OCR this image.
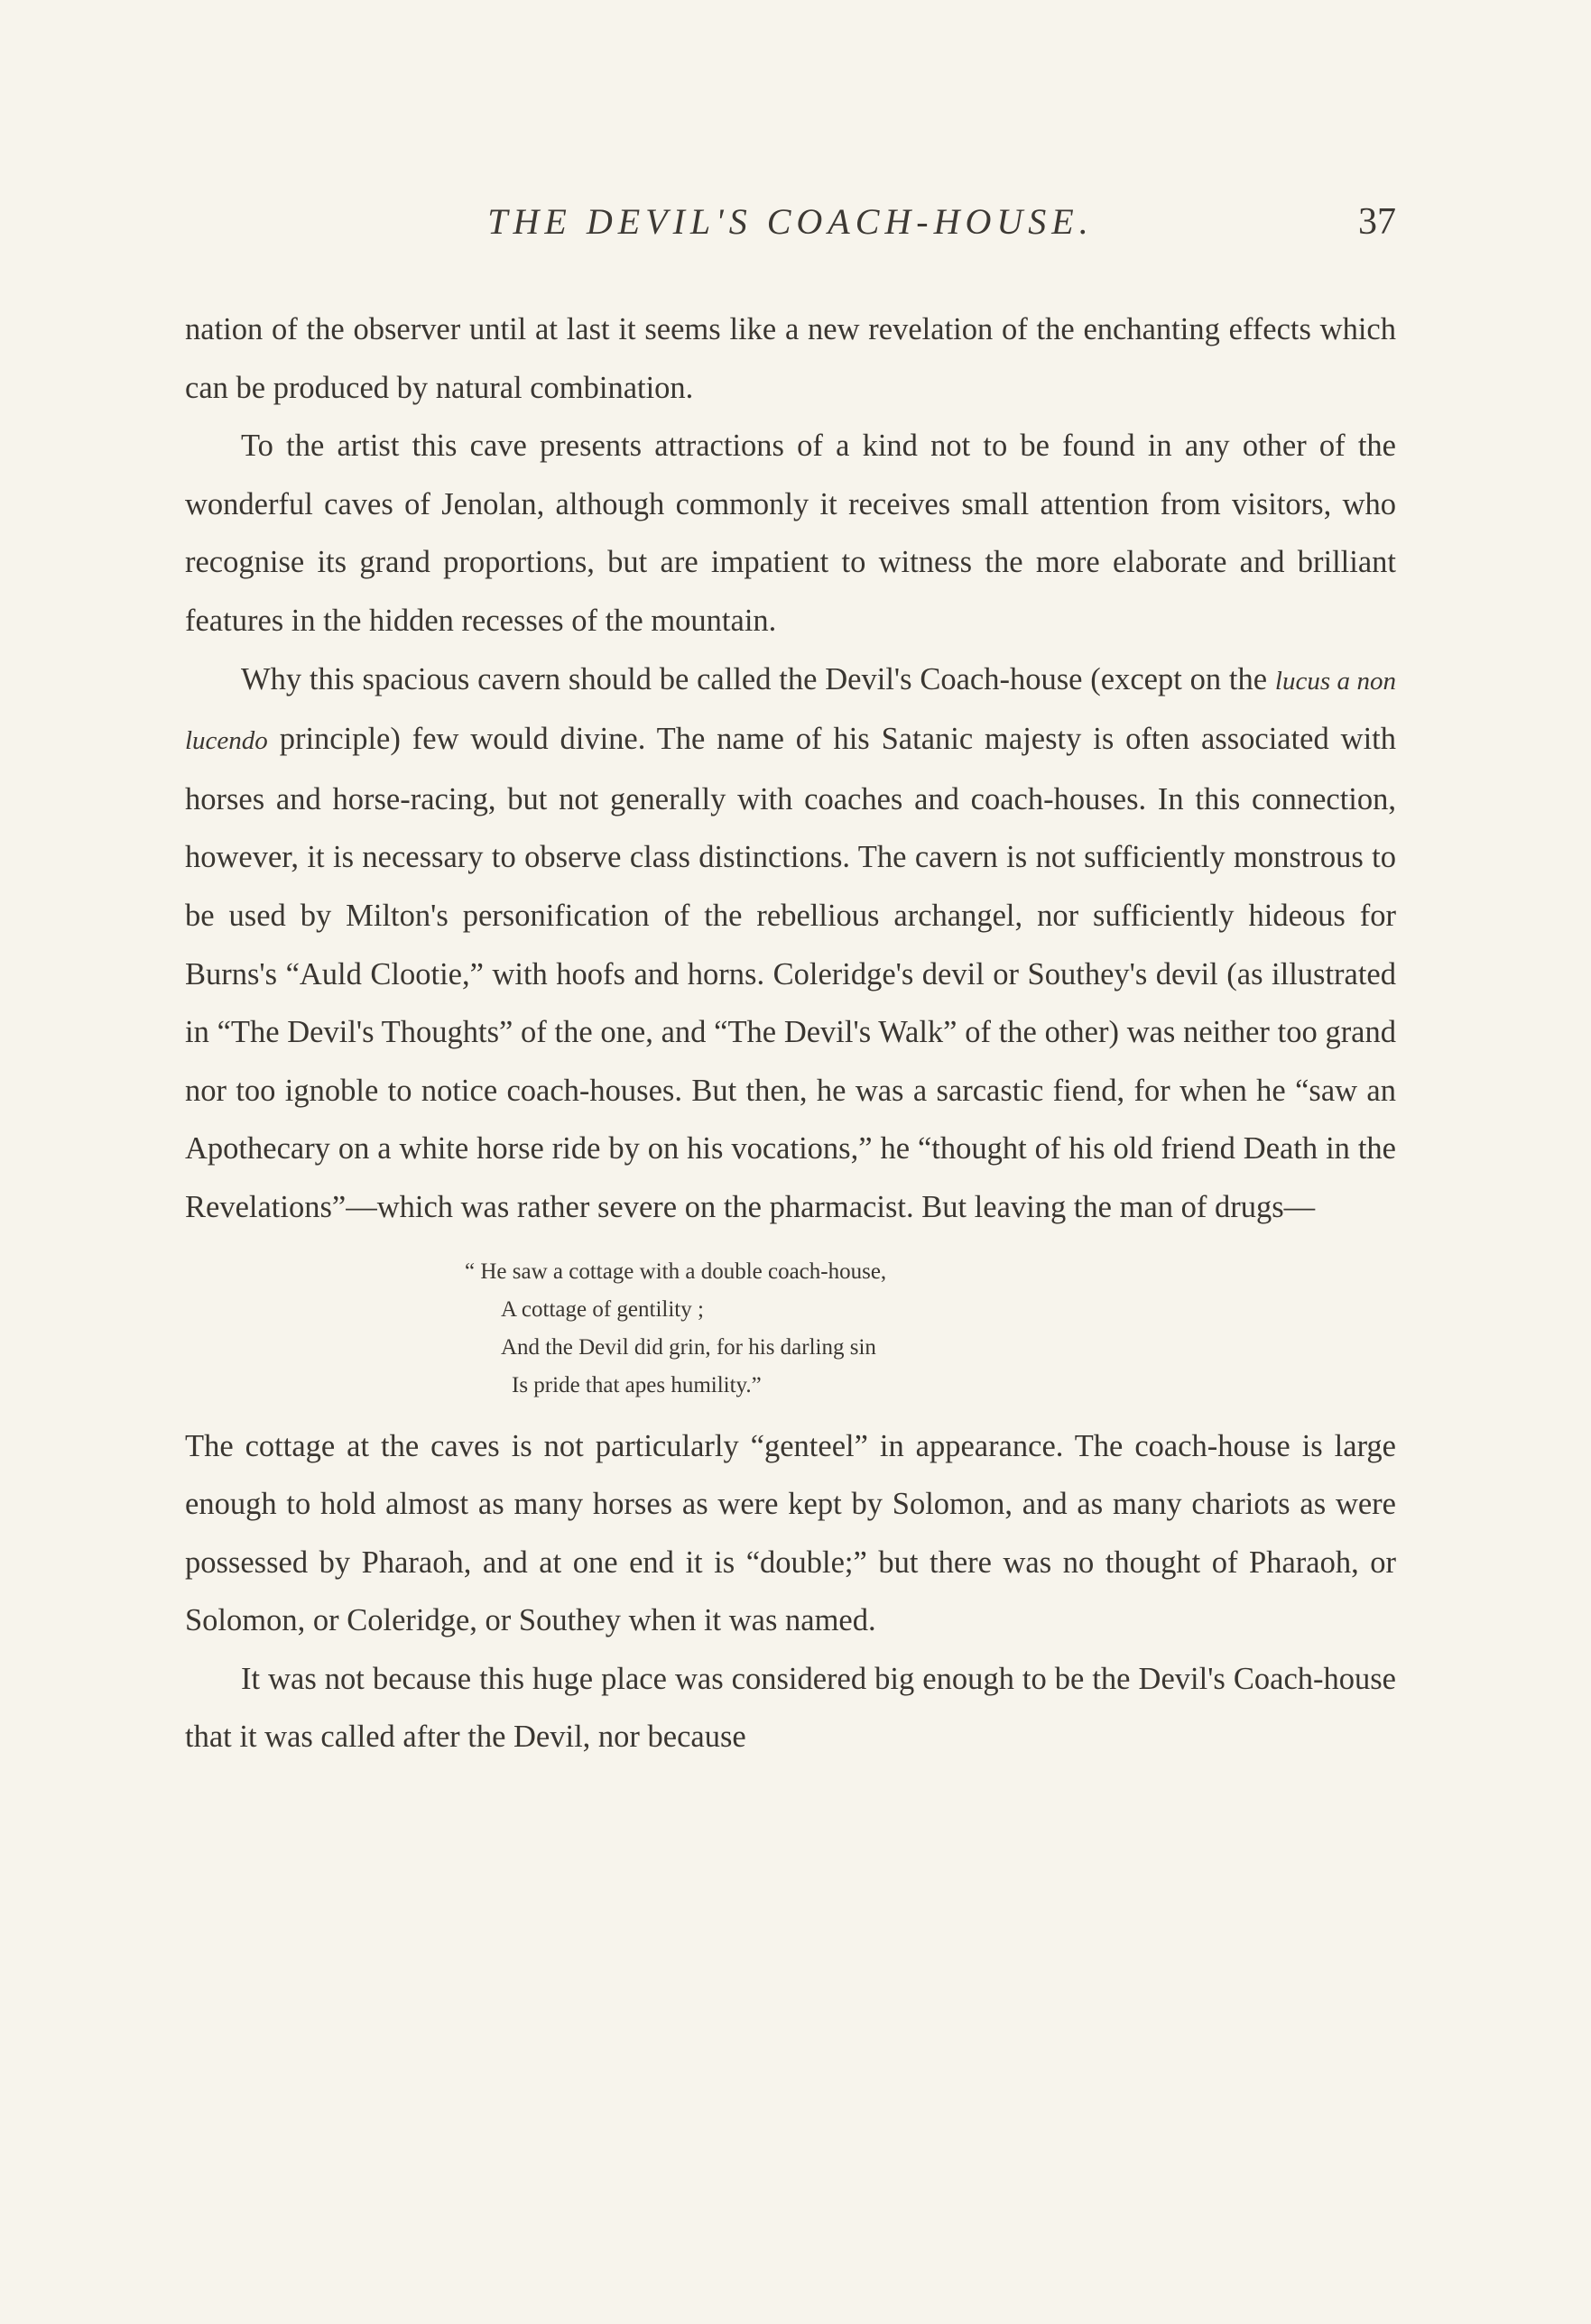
THE DEVIL'S COACH-HOUSE.	37

nation of the observer until at last it seems like a new revelation of the enchanting effects which can be produced by natural combination.

To the artist this cave presents attractions of a kind not to be found in any other of the wonderful caves of Jenolan, although commonly it receives small attention from visitors, who recognise its grand proportions, but are impatient to witness the more elaborate and brilliant features in the hidden recesses of the mountain.

Why this spacious cavern should be called the Devil's Coach-house (except on the lucus a non lucendo principle) few would divine. The name of his Satanic majesty is often associated with horses and horse-racing, but not generally with coaches and coach-houses. In this connection, however, it is necessary to observe class distinctions. The cavern is not sufficiently monstrous to be used by Milton's personification of the rebellious archangel, nor sufficiently hideous for Burns's “Auld Clootie,” with hoofs and horns. Coleridge's devil or Southey's devil (as illustrated in “The Devil's Thoughts” of the one, and “The Devil's Walk” of the other) was neither too grand nor too ignoble to notice coach-houses. But then, he was a sarcastic fiend, for when he “saw an Apothecary on a white horse ride by on his vocations,” he “thought of his old friend Death in the Revelations”—which was rather severe on the pharmacist. But leaving the man of drugs—

“ He saw a cottage with a double coach-house,
A cottage of gentility ;
And the Devil did grin, for his darling sin
Is pride that apes humility.”

The cottage at the caves is not particularly “genteel” in appearance. The coach-house is large enough to hold almost as many horses as were kept by Solomon, and as many chariots as were possessed by Pharaoh, and at one end it is “double;” but there was no thought of Pharaoh, or Solomon, or Coleridge, or Southey when it was named.

It was not because this huge place was considered big enough to be the Devil's Coach-house that it was called after the Devil, nor because
